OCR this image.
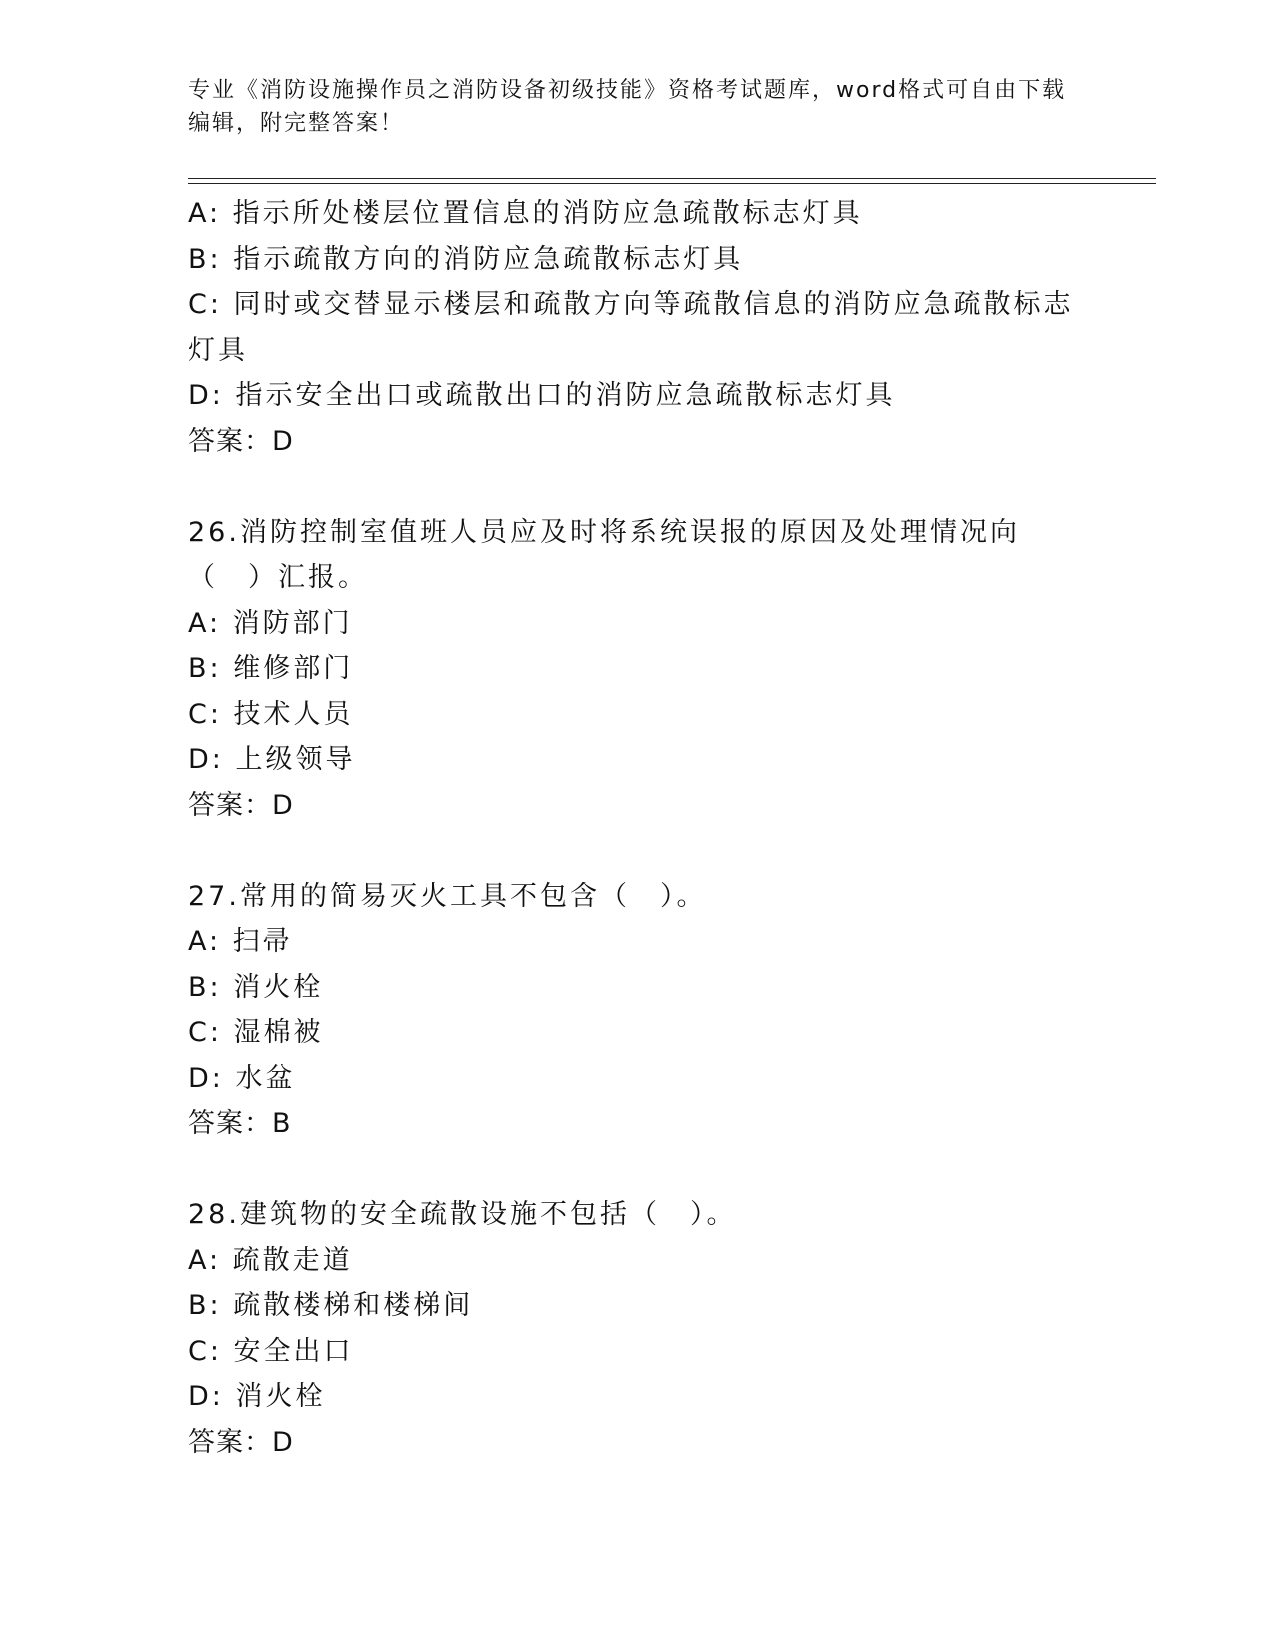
专业《消防设施操作员之消防设备初级技能》资格考试题库，word格式可自由下载编辑，附完整答案！
A: 指示所处楼层位置信息的消防应急疏散标志灯具
B: 指示疏散方向的消防应急疏散标志灯具
C: 同时或交替显示楼层和疏散方向等疏散信息的消防应急疏散标志灯具
D: 指示安全出口或疏散出口的消防应急疏散标志灯具
答案：D
26.消防控制室值班人员应及时将系统误报的原因及处理情况向（　）汇报。
A: 消防部门
B: 维修部门
C: 技术人员
D: 上级领导
答案：D
27.常用的简易灭火工具不包含（　）。
A: 扫帚
B: 消火栓
C: 湿棉被
D: 水盆
答案：B
28.建筑物的安全疏散设施不包括（　）。
A: 疏散走道
B: 疏散楼梯和楼梯间
C: 安全出口
D: 消火栓
答案：D
